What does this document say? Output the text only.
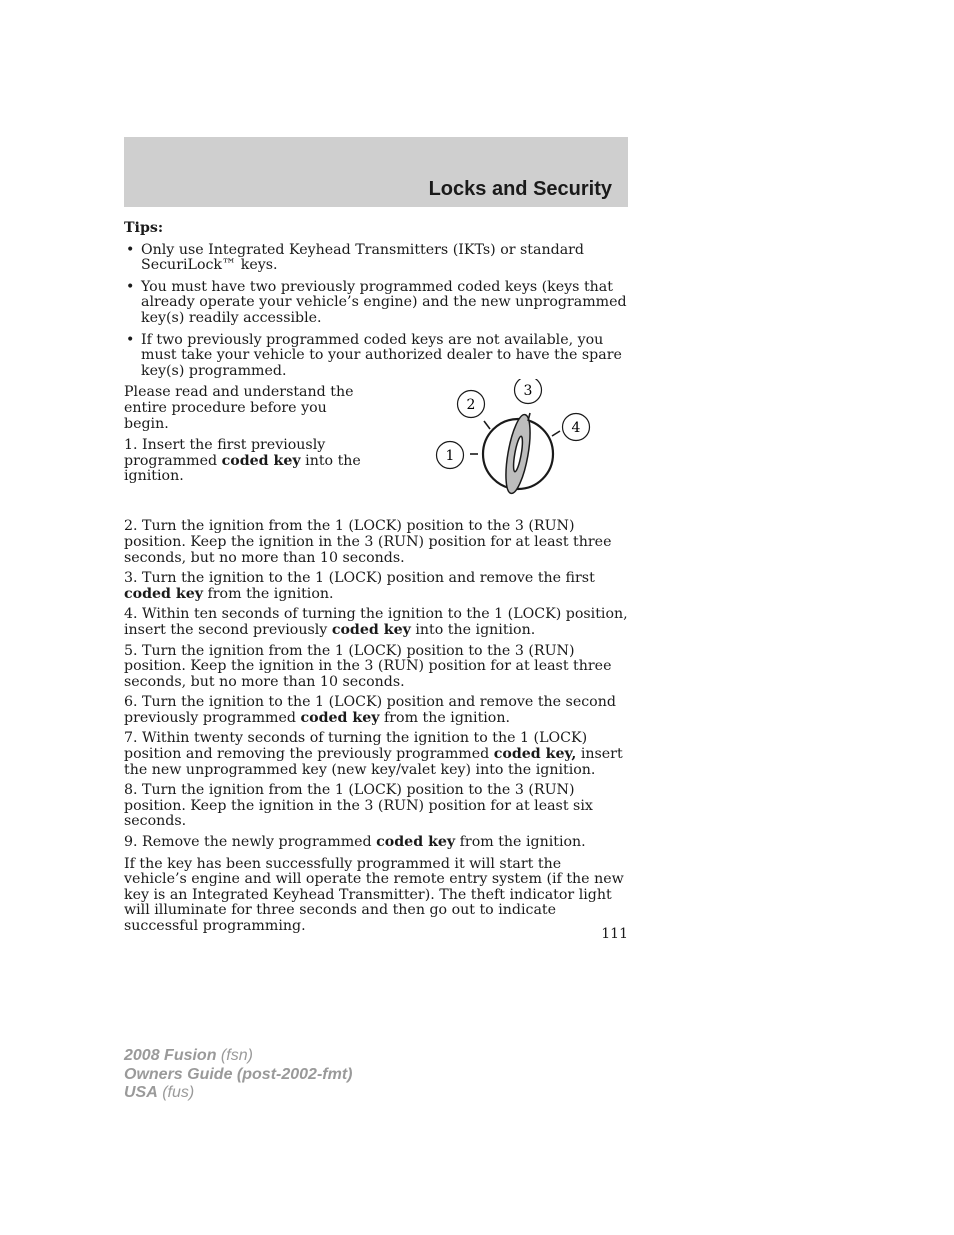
Locks and Security
Tips:
• Only use Integrated Keyhead Transmitters (IKTs) or standard SecuriLock™ keys.
• You must have two previously programmed coded keys (keys that already operate your vehicle’s engine) and the new unprogrammed key(s) readily accessible.
• If two previously programmed coded keys are not available, you must take your vehicle to your authorized dealer to have the spare key(s) programmed.

Please read and understand the entire procedure before you begin.

1. Insert the first previously programmed coded key into the ignition.

1
2
3
4

2. Turn the ignition from the 1 (LOCK) position to the 3 (RUN) position. Keep the ignition in the 3 (RUN) position for at least three seconds, but no more than 10 seconds.

3. Turn the ignition to the 1 (LOCK) position and remove the first coded key from the ignition.

4. Within ten seconds of turning the ignition to the 1 (LOCK) position, insert the second previously coded key into the ignition.

5. Turn the ignition from the 1 (LOCK) position to the 3 (RUN) position. Keep the ignition in the 3 (RUN) position for at least three seconds, but no more than 10 seconds.

6. Turn the ignition to the 1 (LOCK) position and remove the second previously programmed coded key from the ignition.

7. Within twenty seconds of turning the ignition to the 1 (LOCK) position and removing the previously programmed coded key, insert the new unprogrammed key (new key/valet key) into the ignition.

8. Turn the ignition from the 1 (LOCK) position to the 3 (RUN) position. Keep the ignition in the 3 (RUN) position for at least six seconds.

9. Remove the newly programmed coded key from the ignition.

If the key has been successfully programmed it will start the vehicle’s engine and will operate the remote entry system (if the new key is an Integrated Keyhead Transmitter). The theft indicator light will illuminate for three seconds and then go out to indicate successful programming.	111
2008 Fusion (fsn)
Owners Guide (post-2002-fmt)
USA (fus)
